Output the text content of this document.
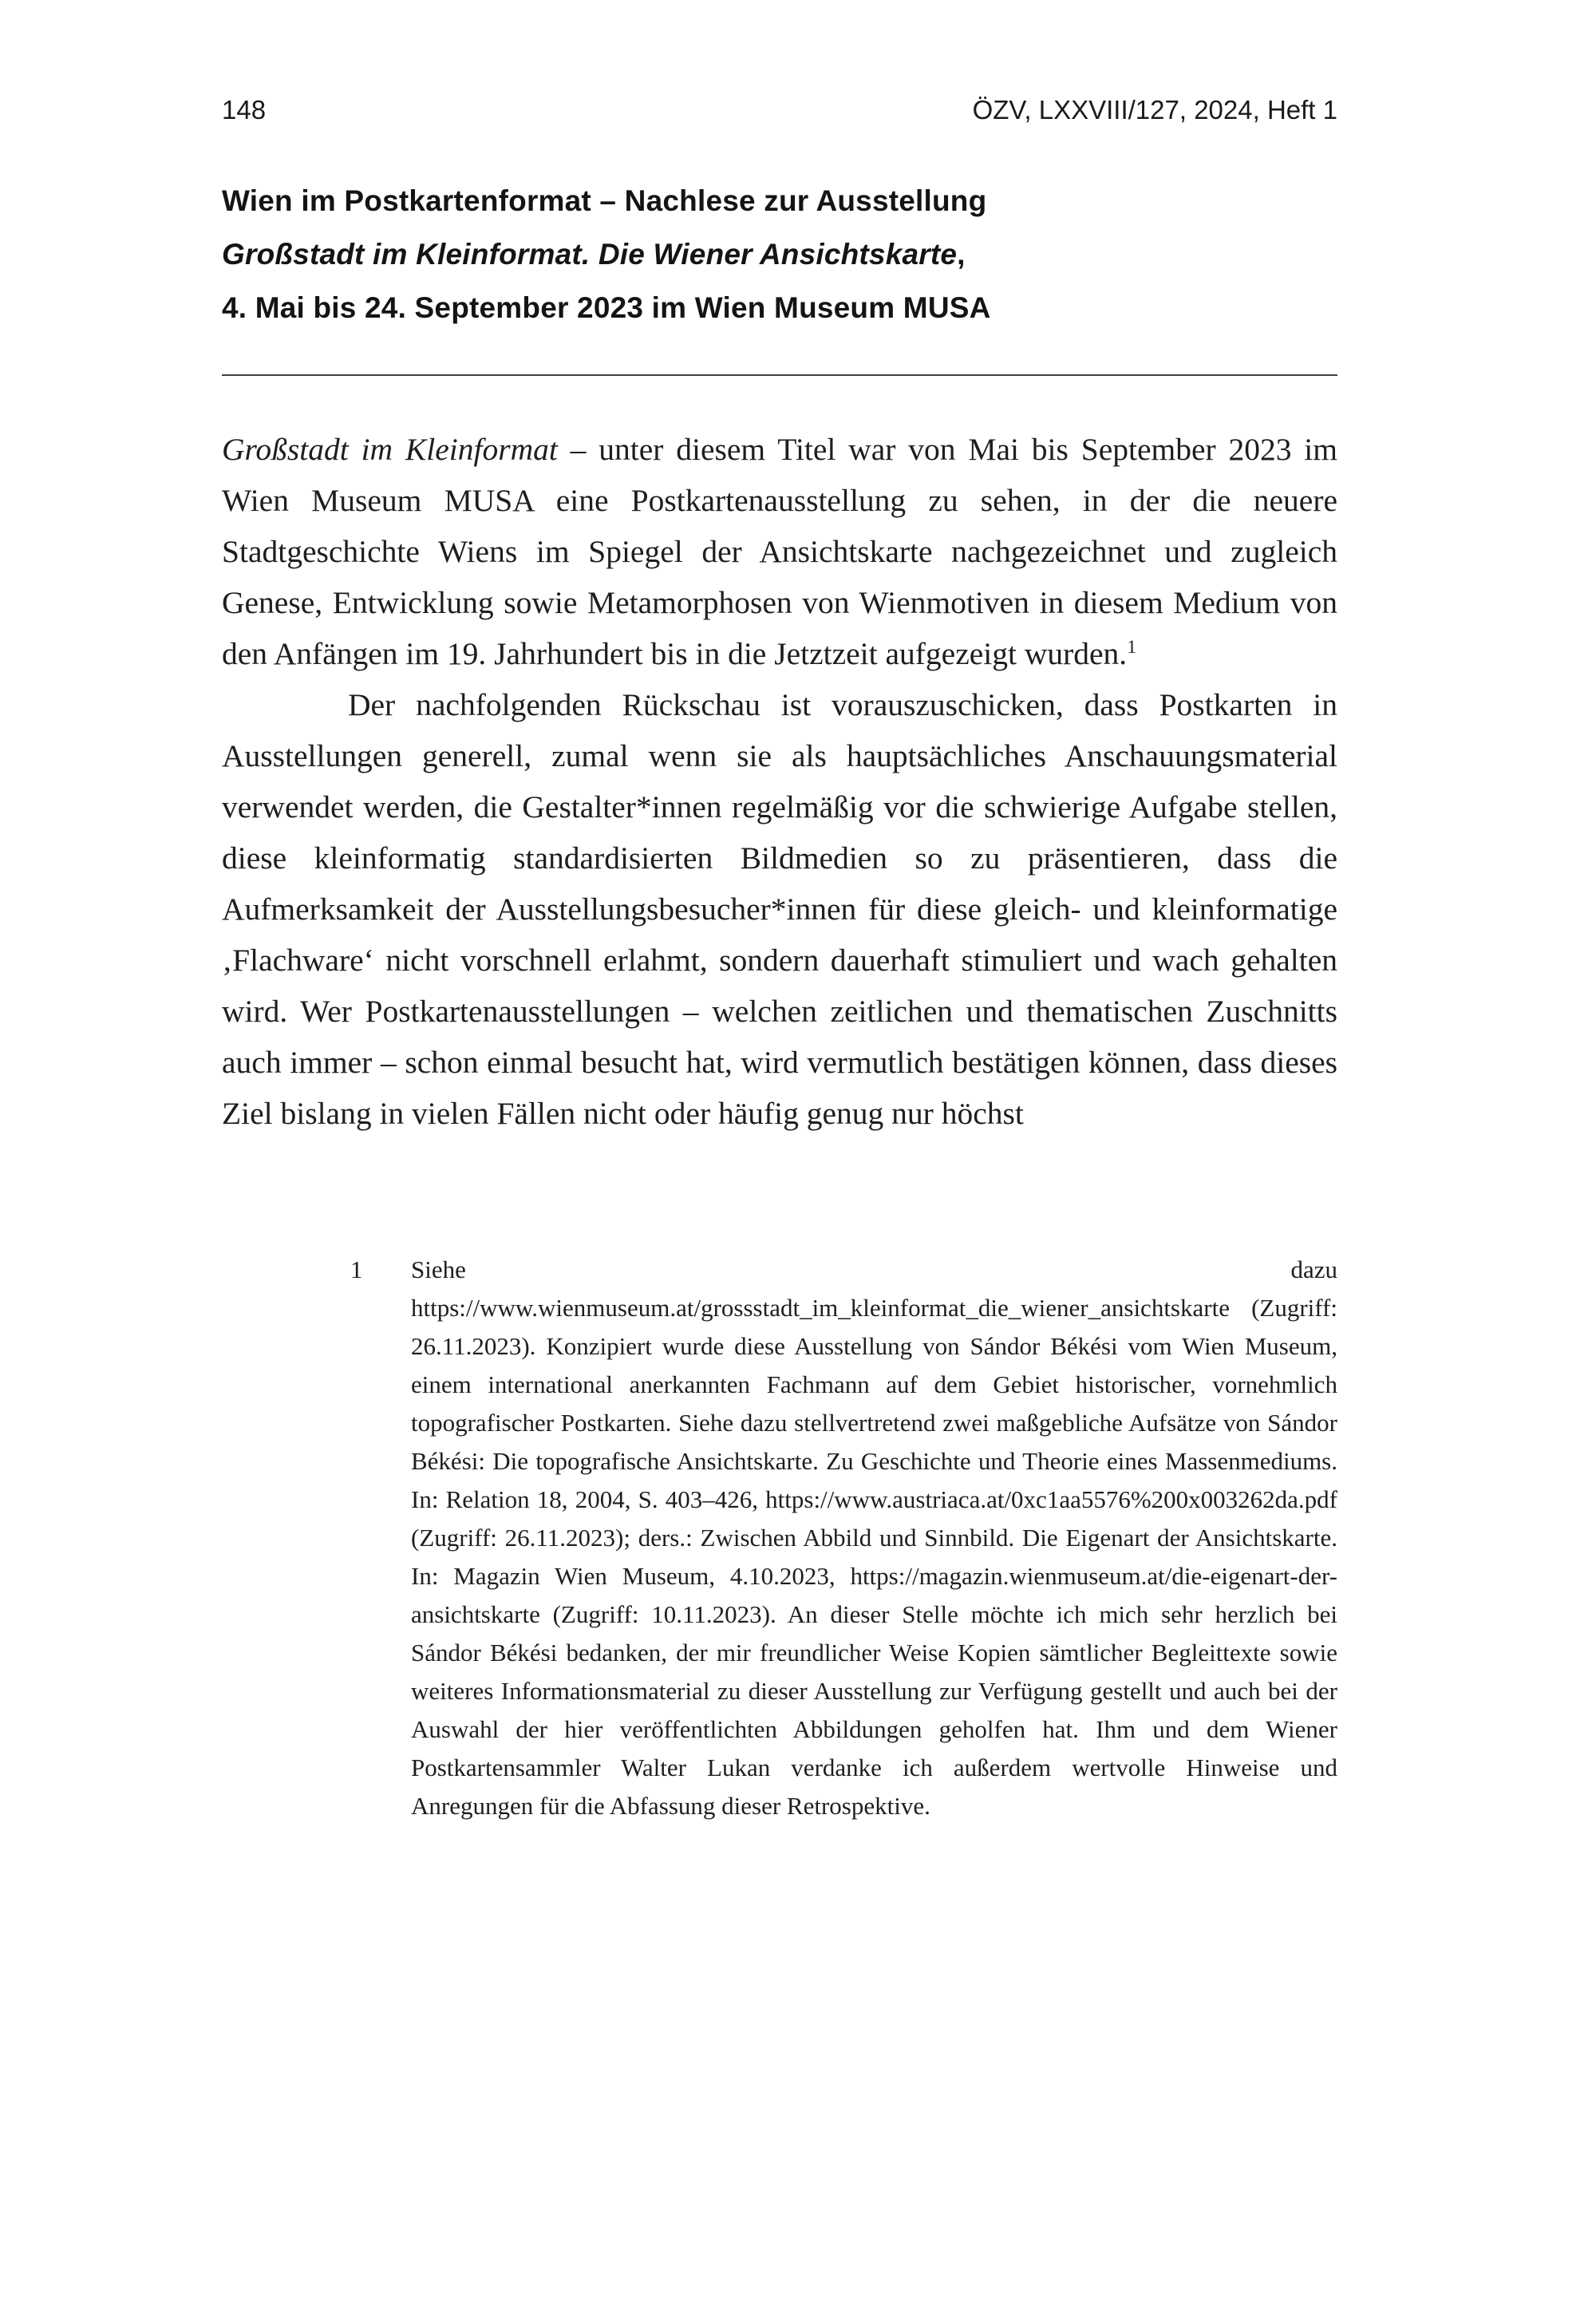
148	ÖZV, LXXVIII/127, 2024, Heft 1
Wien im Postkartenformat – Nachlese zur Ausstellung
Großstadt im Kleinformat. Die Wiener Ansichtskarte,
4. Mai bis 24. September 2023 im Wien Museum MUSA

Großstadt im Kleinformat – unter diesem Titel war von Mai bis September 2023 im Wien Museum MUSA eine Postkartenausstellung zu sehen, in der die neuere Stadtgeschichte Wiens im Spiegel der Ansichtskarte nachgezeichnet und zugleich Genese, Entwicklung sowie Metamorphosen von Wienmotiven in diesem Medium von den Anfängen im 19. Jahrhundert bis in die Jetztzeit aufgezeigt wurden.$^1$

Der nachfolgenden Rückschau ist vorauszuschicken, dass Postkarten in Ausstellungen generell, zumal wenn sie als hauptsächliches Anschauungsmaterial verwendet werden, die Gestalter*innen regelmäßig vor die schwierige Aufgabe stellen, diese kleinformatig standardisierten Bildmedien so zu präsentieren, dass die Aufmerksamkeit der Ausstellungsbesucher*innen für diese gleich- und kleinformatige ‚Flachware‘ nicht vorschnell erlahmt, sondern dauerhaft stimuliert und wach gehalten wird. Wer Postkartenausstellungen – welchen zeitlichen und thematischen Zuschnitts auch immer – schon einmal besucht hat, wird vermutlich bestätigen können, dass dieses Ziel bislang in vielen Fällen nicht oder häufig genug nur höchst

1	Siehe dazu https://www.wienmuseum.at/grossstadt_im_kleinformat_die_wiener_ansichtskarte (Zugriff: 26.11.2023). Konzipiert wurde diese Ausstellung von Sándor Békési vom Wien Museum, einem international anerkannten Fachmann auf dem Gebiet historischer, vornehmlich topografischer Postkarten. Siehe dazu stellvertretend zwei maßgebliche Aufsätze von Sándor Békési: Die topografische Ansichtskarte. Zu Geschichte und Theorie eines Massenmediums. In: Relation 18, 2004, S. 403–426, https://www.austriaca.at/0xc1aa5576%200x003262da.pdf (Zugriff: 26.11.2023); ders.: Zwischen Abbild und Sinnbild. Die Eigenart der Ansichtskarte. In: Magazin Wien Museum, 4.10.2023, https://magazin.wienmuseum.at/die-eigenart-der-ansichtskarte (Zugriff: 10.11.2023). An dieser Stelle möchte ich mich sehr herzlich bei Sándor Békési bedanken, der mir freundlicher Weise Kopien sämtlicher Begleittexte sowie weiteres Informationsmaterial zu dieser Ausstellung zur Verfügung gestellt und auch bei der Auswahl der hier veröffentlichten Abbildungen geholfen hat. Ihm und dem Wiener Postkartensammler Walter Lukan verdanke ich außerdem wertvolle Hinweise und Anregungen für die Abfassung dieser Retrospektive.
